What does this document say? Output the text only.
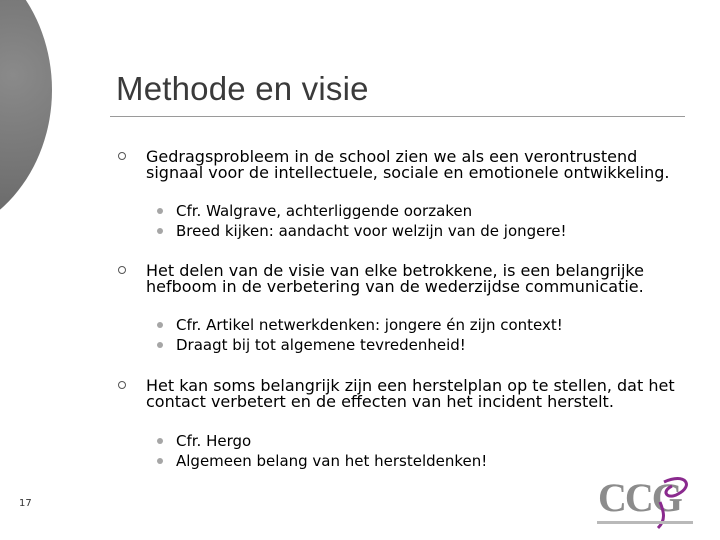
Methode en visie
Gedragsprobleem in de school zien we als een verontrustend signaal voor de intellectuele, sociale en emotionele ontwikkeling.
Cfr. Walgrave, achterliggende oorzaken
Breed kijken: aandacht voor welzijn van de jongere!
Het delen van de visie van elke betrokkene, is een belangrijke hefboom in de verbetering van de wederzijdse communicatie.
Cfr. Artikel netwerkdenken: jongere én zijn context!
Draagt bij tot algemene tevredenheid!
Het kan soms belangrijk zijn een herstelplan op te stellen, dat het contact verbetert en de effecten van het incident herstelt.
Cfr. Hergo
Algemeen belang van het hersteldenken!
17	CCG
